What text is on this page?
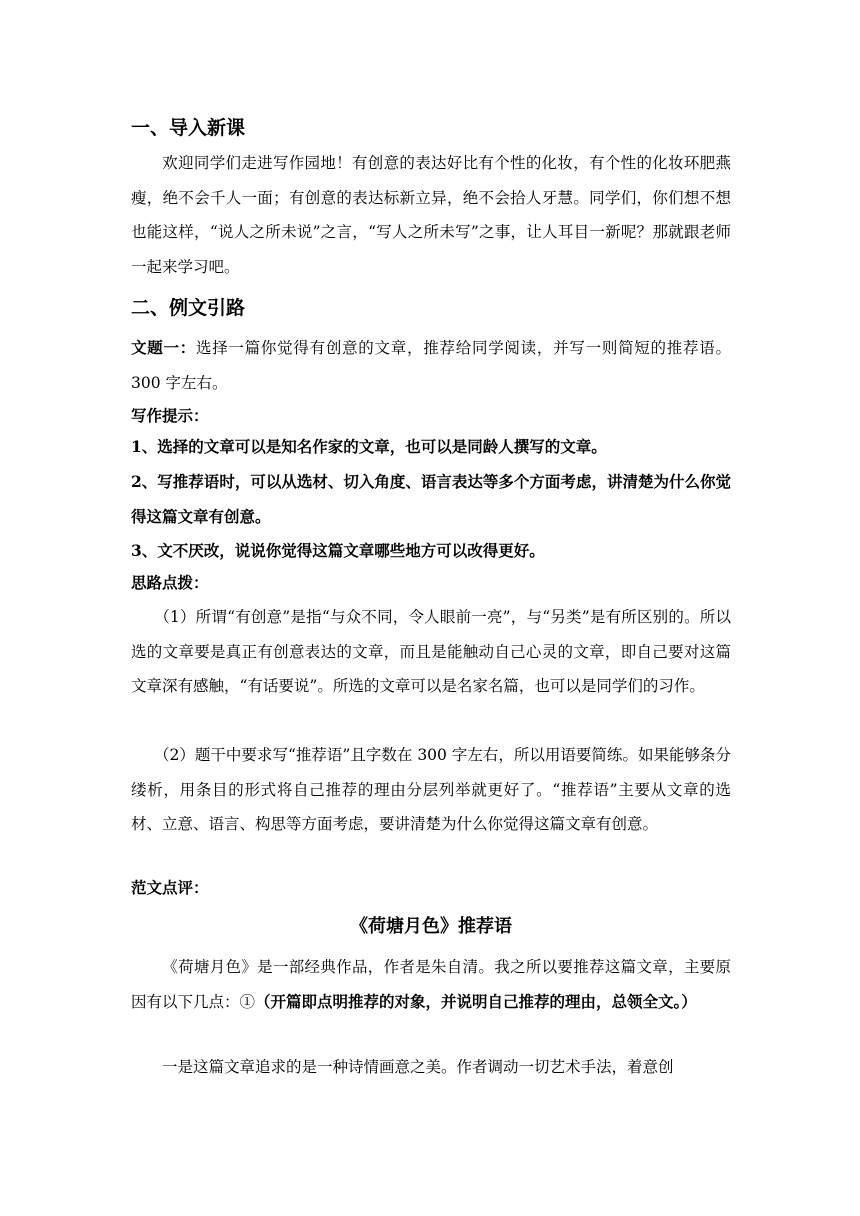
一、导入新课
欢迎同学们走进写作园地！有创意的表达好比有个性的化妆，有个性的化妆环肥燕瘦，绝不会千人一面；有创意的表达标新立异，绝不会拾人牙慧。同学们，你们想不想也能这样，“说人之所未说”之言，“写人之所未写”之事，让人耳目一新呢？那就跟老师一起来学习吧。
二、例文引路
文题一：选择一篇你觉得有创意的文章，推荐给同学阅读，并写一则简短的推荐语。300 字左右。
写作提示：
1、选择的文章可以是知名作家的文章，也可以是同龄人撰写的文章。
2、写推荐语时，可以从选材、切入角度、语言表达等多个方面考虑，讲清楚为什么你觉得这篇文章有创意。
3、文不厌改，说说你觉得这篇文章哪些地方可以改得更好。
思路点拨：
（1）所谓“有创意”是指“与众不同，令人眼前一亮”，与“另类”是有所区别的。所以选的文章要是真正有创意表达的文章，而且是能触动自己心灵的文章，即自己要对这篇文章深有感触，“有话要说”。所选的文章可以是名家名篇，也可以是同学们的习作。
（2）题干中要求写“推荐语”且字数在 300 字左右，所以用语要简练。如果能够条分缕析，用条目的形式将自己推荐的理由分层列举就更好了。“推荐语”主要从文章的选材、立意、语言、构思等方面考虑，要讲清楚为什么你觉得这篇文章有创意。
范文点评：
《荷塘月色》推荐语
《荷塘月色》是一部经典作品，作者是朱自清。我之所以要推荐这篇文章，主要原因有以下几点：①（开篇即点明推荐的对象，并说明自己推荐的理由，总领全文。）
一是这篇文章追求的是一种诗情画意之美。作者调动一切艺术手法，着意创
